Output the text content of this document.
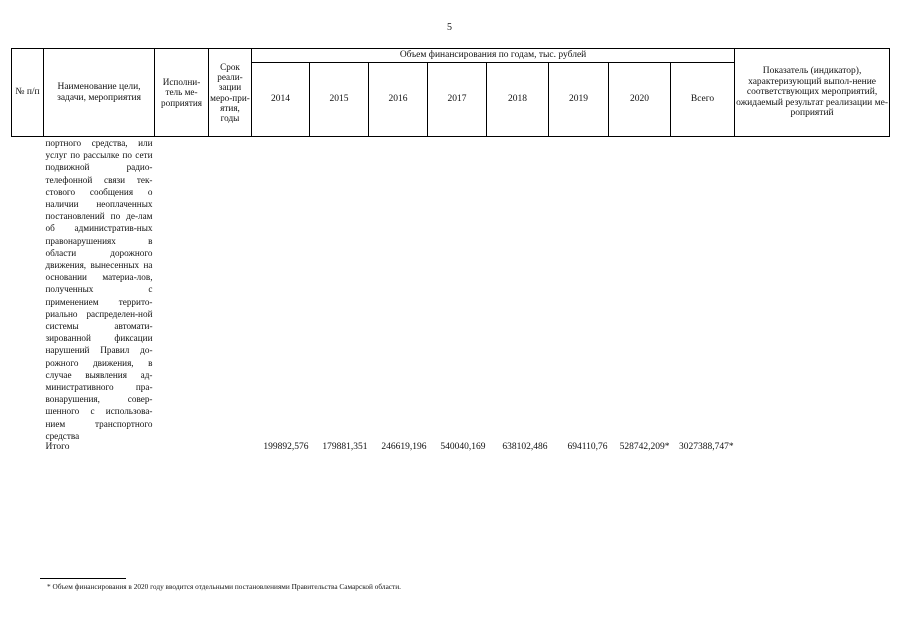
5
№ п/п	Наименование цели, задачи, мероприятия	Исполни-тель ме-роприятия	Срок реали-зации меро-при-ятия, годы	Объем финансирования по годам, тыс. рублей								Показатель (индикатор), характеризующий выпол-нение соответствующих мероприятий, ожидаемый результат реализации ме-роприятий
				2014	2015	2016	2017	2018	2019	2020	Всего	
портного средства, или услуг по рассылке по сети подвижной радио-телефонной связи тек-стового сообщения о наличии неоплаченных постановлений по де-лам об административ-ных правонарушениях в области дорожного движения, вынесенных на основании материа-лов, полученных с применением террито-риально распределен-ной системы автомати-зированной фиксации нарушений Правил до-рожного движения, в случае выявления ад-министративного пра-вонарушения, совер-шенного с использова-нием транспортного средства												
Итого				199892,576	179881,351	246619,196	540040,169	638102,486	694110,76	528742,209*	3027388,747*	
* Объем финансирования в 2020 году вводится отдельными постановлениями Правительства Самарской области.
